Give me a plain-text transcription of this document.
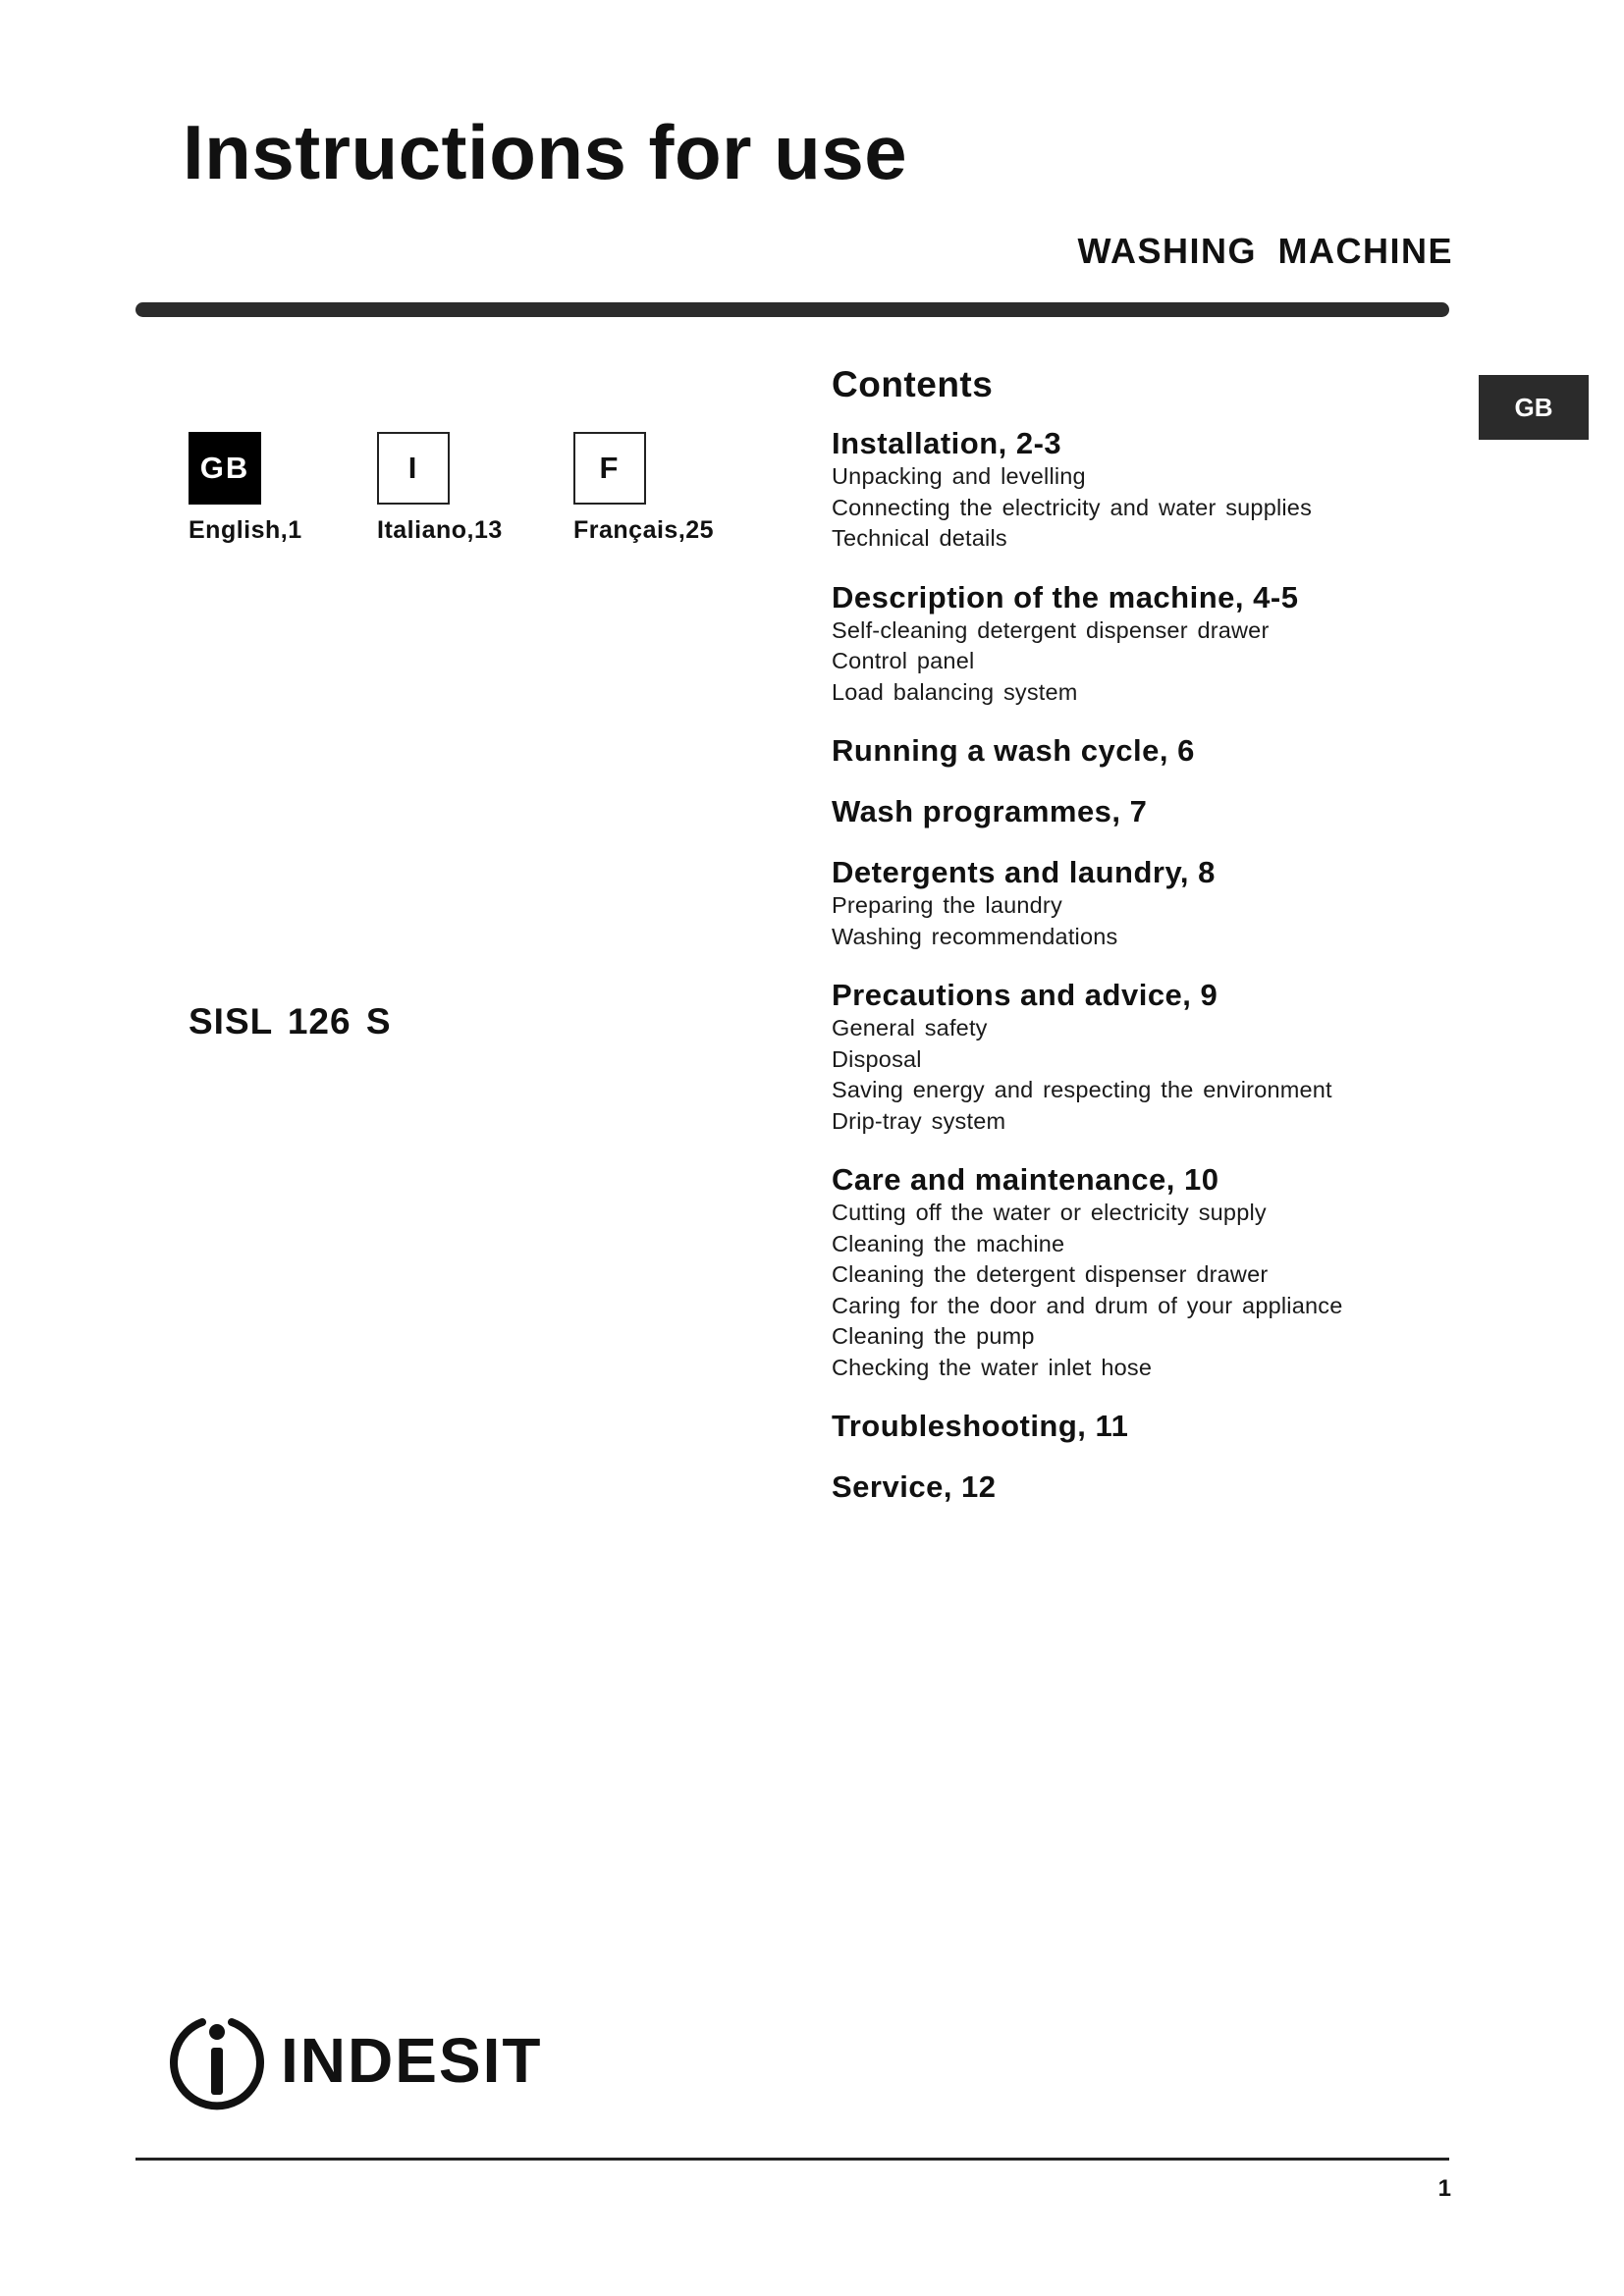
Instructions for use
WASHING MACHINE
GB
GB
English,1
I
Italiano,13
F
Français,25
SISL 126 S
Contents
Installation, 2-3
Unpacking and levelling
Connecting the electricity and water supplies
Technical details
Description of the machine, 4-5
Self-cleaning detergent dispenser drawer
Control panel
Load balancing system
Running a wash cycle, 6
Wash programmes, 7
Detergents and laundry, 8
Preparing the laundry
Washing recommendations
Precautions and advice, 9
General safety
Disposal
Saving energy and respecting the environment
Drip-tray system
Care and maintenance, 10
Cutting off the water or electricity supply
Cleaning the machine
Cleaning the detergent dispenser drawer
Caring for the door and drum of your appliance
Cleaning the pump
Checking the water inlet hose
Troubleshooting, 11
Service, 12
INDESIT
1
